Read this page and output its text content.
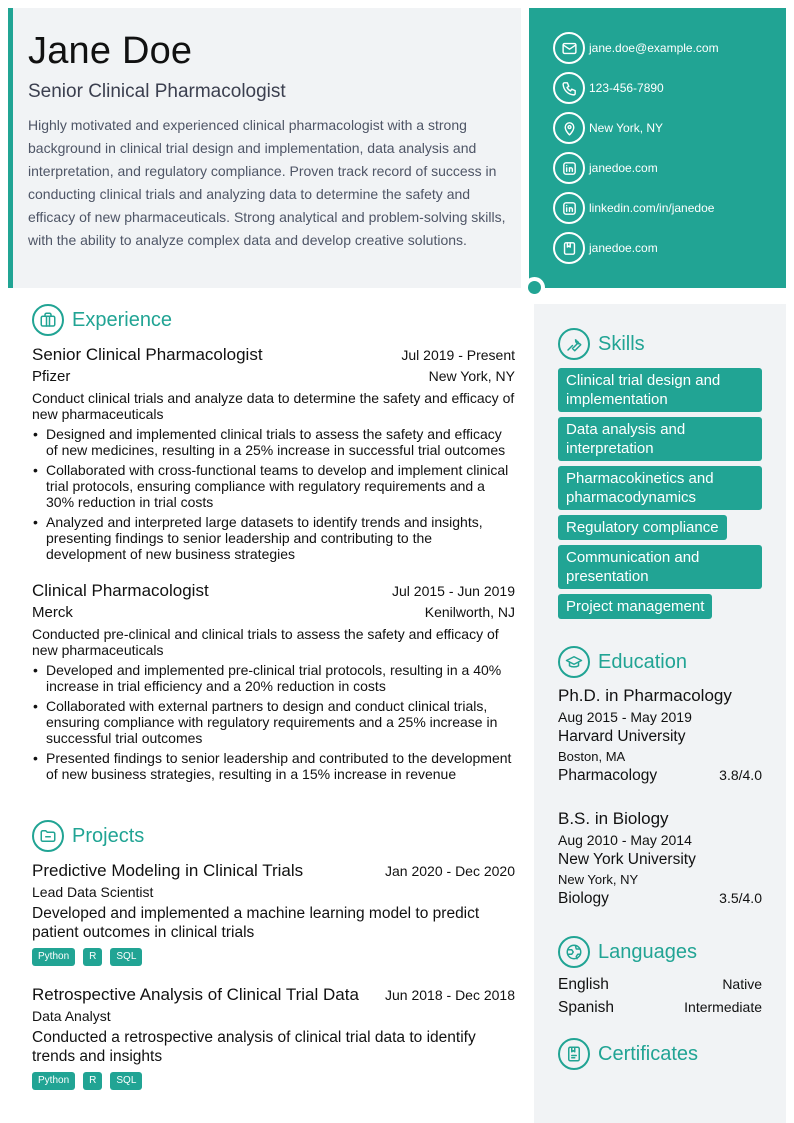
Jane Doe
Senior Clinical Pharmacologist
Highly motivated and experienced clinical pharmacologist with a strong background in clinical trial design and implementation, data analysis and interpretation, and regulatory compliance. Proven track record of success in conducting clinical trials and analyzing data to determine the safety and efficacy of new pharmaceuticals. Strong analytical and problem-solving skills, with the ability to analyze complex data and develop creative solutions.
jane.doe@example.com
123-456-7890
New York, NY
janedoe.com
linkedin.com/in/janedoe
janedoe.com
Experience
Senior Clinical Pharmacologist	Jul 2019 - Present
Pfizer	New York, NY
Conduct clinical trials and analyze data to determine the safety and efficacy of new pharmaceuticals
• Designed and implemented clinical trials to assess the safety and efficacy of new medicines, resulting in a 25% increase in successful trial outcomes
• Collaborated with cross-functional teams to develop and implement clinical trial protocols, ensuring compliance with regulatory requirements and a 30% reduction in trial costs
• Analyzed and interpreted large datasets to identify trends and insights, presenting findings to senior leadership and contributing to the development of new business strategies
Clinical Pharmacologist	Jul 2015 - Jun 2019
Merck	Kenilworth, NJ
Conducted pre-clinical and clinical trials to assess the safety and efficacy of new pharmaceuticals
• Developed and implemented pre-clinical trial protocols, resulting in a 40% increase in trial efficiency and a 20% reduction in costs
• Collaborated with external partners to design and conduct clinical trials, ensuring compliance with regulatory requirements and a 25% increase in successful trial outcomes
• Presented findings to senior leadership and contributed to the development of new business strategies, resulting in a 15% increase in revenue
Projects
Predictive Modeling in Clinical Trials	Jan 2020 - Dec 2020
Lead Data Scientist
Developed and implemented a machine learning model to predict patient outcomes in clinical trials
Python	R	SQL
Retrospective Analysis of Clinical Trial Data Jun 2018 - Dec 2018
Data Analyst
Conducted a retrospective analysis of clinical trial data to identify trends and insights
Python	R	SQL
Skills
Clinical trial design and implementation Data analysis and interpretation Pharmacokinetics and pharmacodynamics Regulatory compliance Communication and presentation Project management
Education
Ph.D. in Pharmacology
Aug 2015 - May 2019
Harvard University
Boston, MA
Pharmacology	3.8/4.0
B.S. in Biology
Aug 2010 - May 2014
New York University
New York, NY
Biology	3.5/4.0
Languages
English	Native
Spanish	Intermediate
Certificates
